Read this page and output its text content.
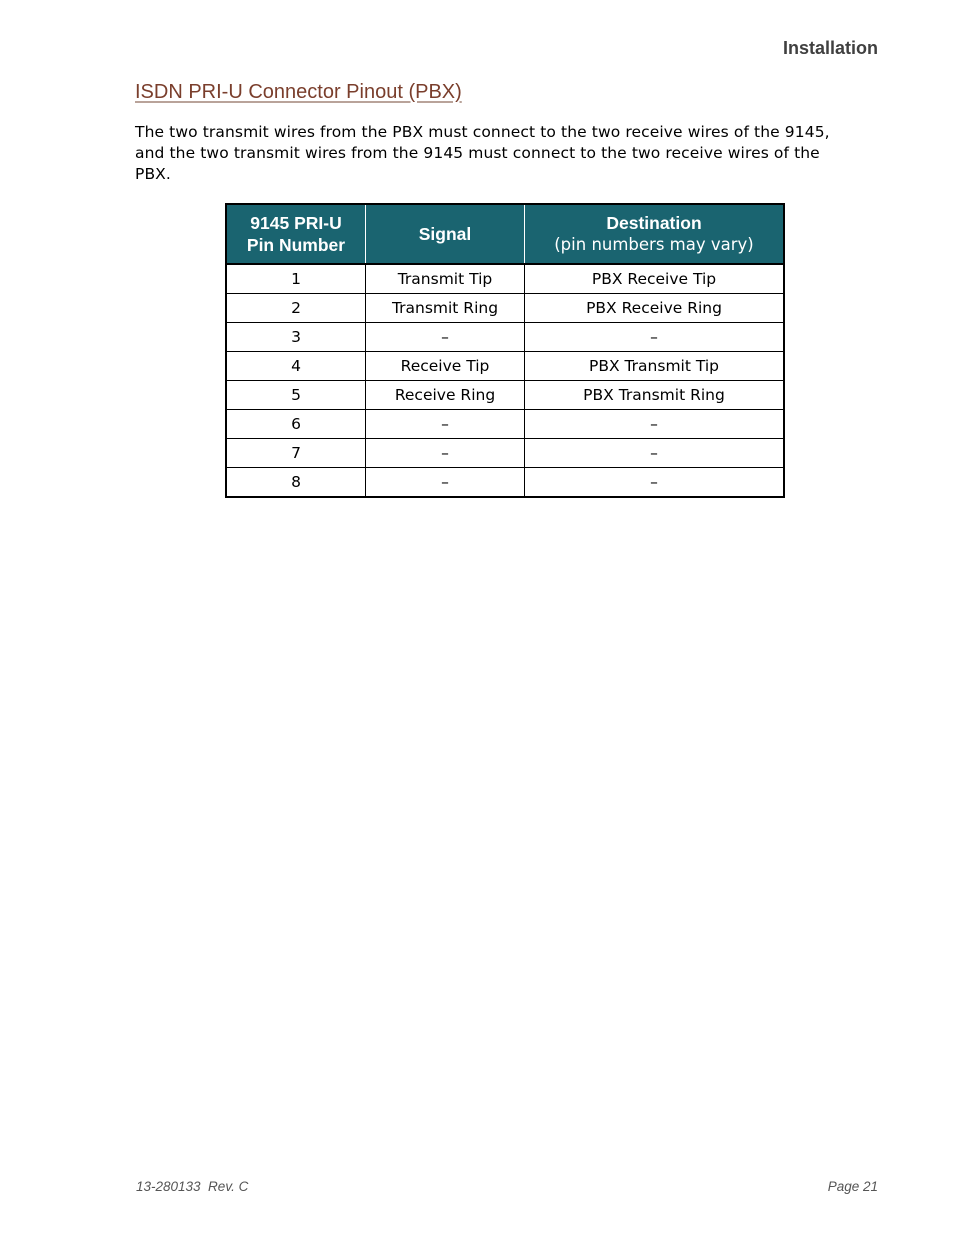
Installation
ISDN PRI-U Connector Pinout (PBX)

The two transmit wires from the PBX must connect to the two receive wires of the 9145, and the two transmit wires from the 9145 must connect to the two receive wires of the PBX.

9145 PRI-U
Pin Number	Signal	Destination
(pin numbers may vary)

1	Transmit Tip	PBX Receive Tip
2	Transmit Ring	PBX Receive Ring
3	–	–
4	Receive Tip	PBX Transmit Tip
5	Receive Ring	PBX Transmit Ring
6	–	–
7	–	–
8	–	–
13-280133  Rev. C	Page 21
